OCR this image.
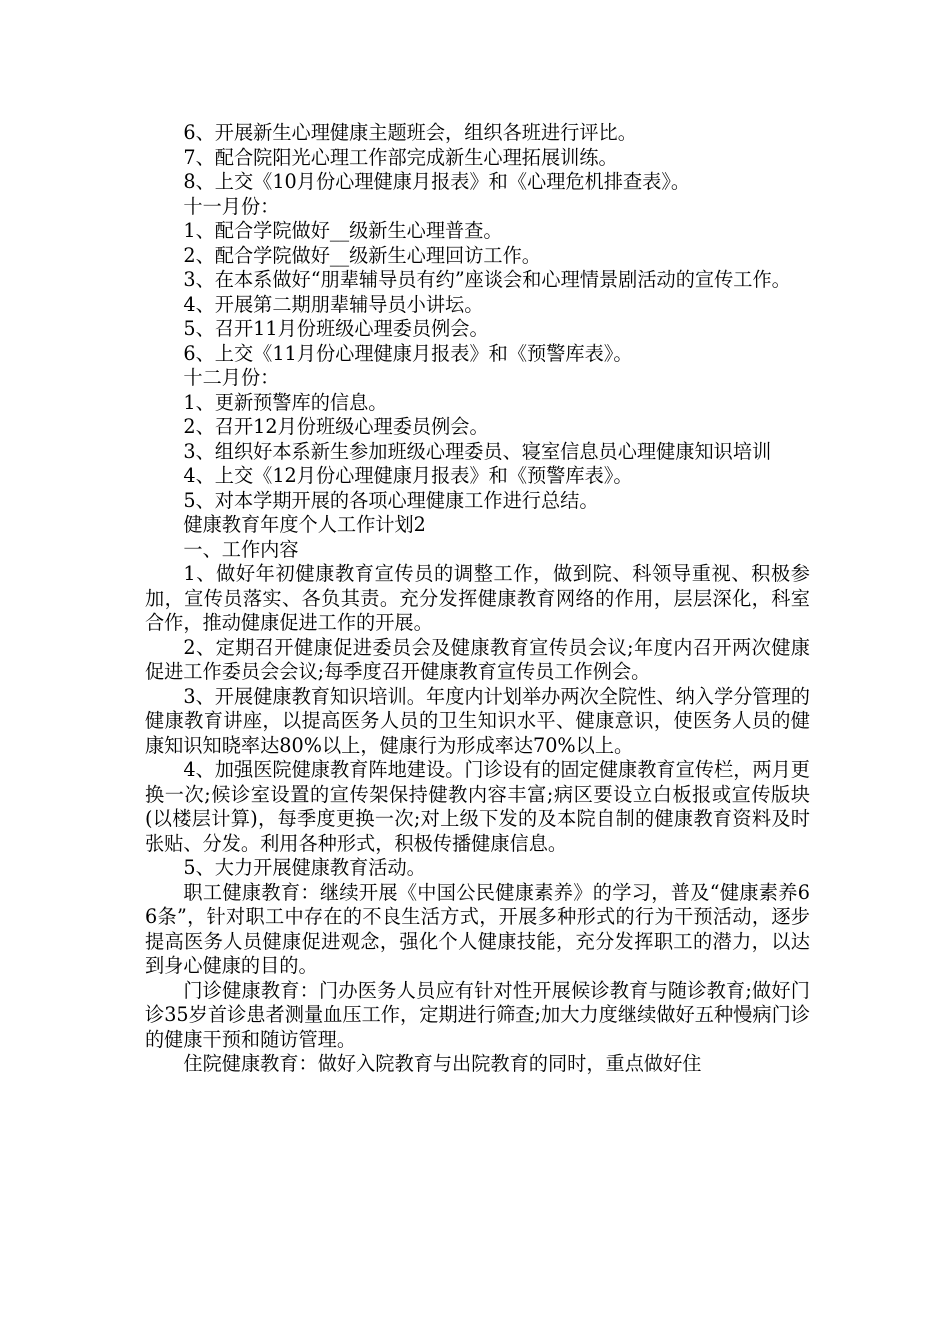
6、开展新生心理健康主题班会，组织各班进行评比。

7、配合院阳光心理工作部完成新生心理拓展训练。

8、上交《10月份心理健康月报表》和《心理危机排查表》。

十一月份：

1、配合学院做好__级新生心理普查。

2、配合学院做好__级新生心理回访工作。

3、在本系做好“朋辈辅导员有约”座谈会和心理情景剧活动的宣传工作。

4、开展第二期朋辈辅导员小讲坛。

5、召开11月份班级心理委员例会。

6、上交《11月份心理健康月报表》和《预警库表》。

十二月份：

1、更新预警库的信息。

2、召开12月份班级心理委员例会。

3、组织好本系新生参加班级心理委员、寝室信息员心理健康知识培训

4、上交《12月份心理健康月报表》和《预警库表》。

5、对本学期开展的各项心理健康工作进行总结。

健康教育年度个人工作计划2

一、工作内容

1、做好年初健康教育宣传员的调整工作，做到院、科领导重视、积极参加，宣传员落实、各负其责。充分发挥健康教育网络的作用，层层深化，科室合作，推动健康促进工作的开展。

2、定期召开健康促进委员会及健康教育宣传员会议;年度内召开两次健康促进工作委员会会议;每季度召开健康教育宣传员工作例会。

3、开展健康教育知识培训。年度内计划举办两次全院性、纳入学分管理的健康教育讲座，以提高医务人员的卫生知识水平、健康意识，使医务人员的健康知识知晓率达80%以上，健康行为形成率达70%以上。

4、加强医院健康教育阵地建设。门诊设有的固定健康教育宣传栏，两月更换一次;候诊室设置的宣传架保持健教内容丰富;病区要设立白板报或宣传版块(以楼层计算)，每季度更换一次;对上级下发的及本院自制的健康教育资料及时张贴、分发。利用各种形式，积极传播健康信息。

5、大力开展健康教育活动。

职工健康教育：继续开展《中国公民健康素养》的学习，普及“健康素养66条”，针对职工中存在的不良生活方式，开展多种形式的行为干预活动，逐步提高医务人员健康促进观念，强化个人健康技能，充分发挥职工的潜力，以达到身心健康的目的。

门诊健康教育：门办医务人员应有针对性开展候诊教育与随诊教育;做好门诊35岁首诊患者测量血压工作，定期进行筛查;加大力度继续做好五种慢病门诊的健康干预和随访管理。

住院健康教育：做好入院教育与出院教育的同时，重点做好住
